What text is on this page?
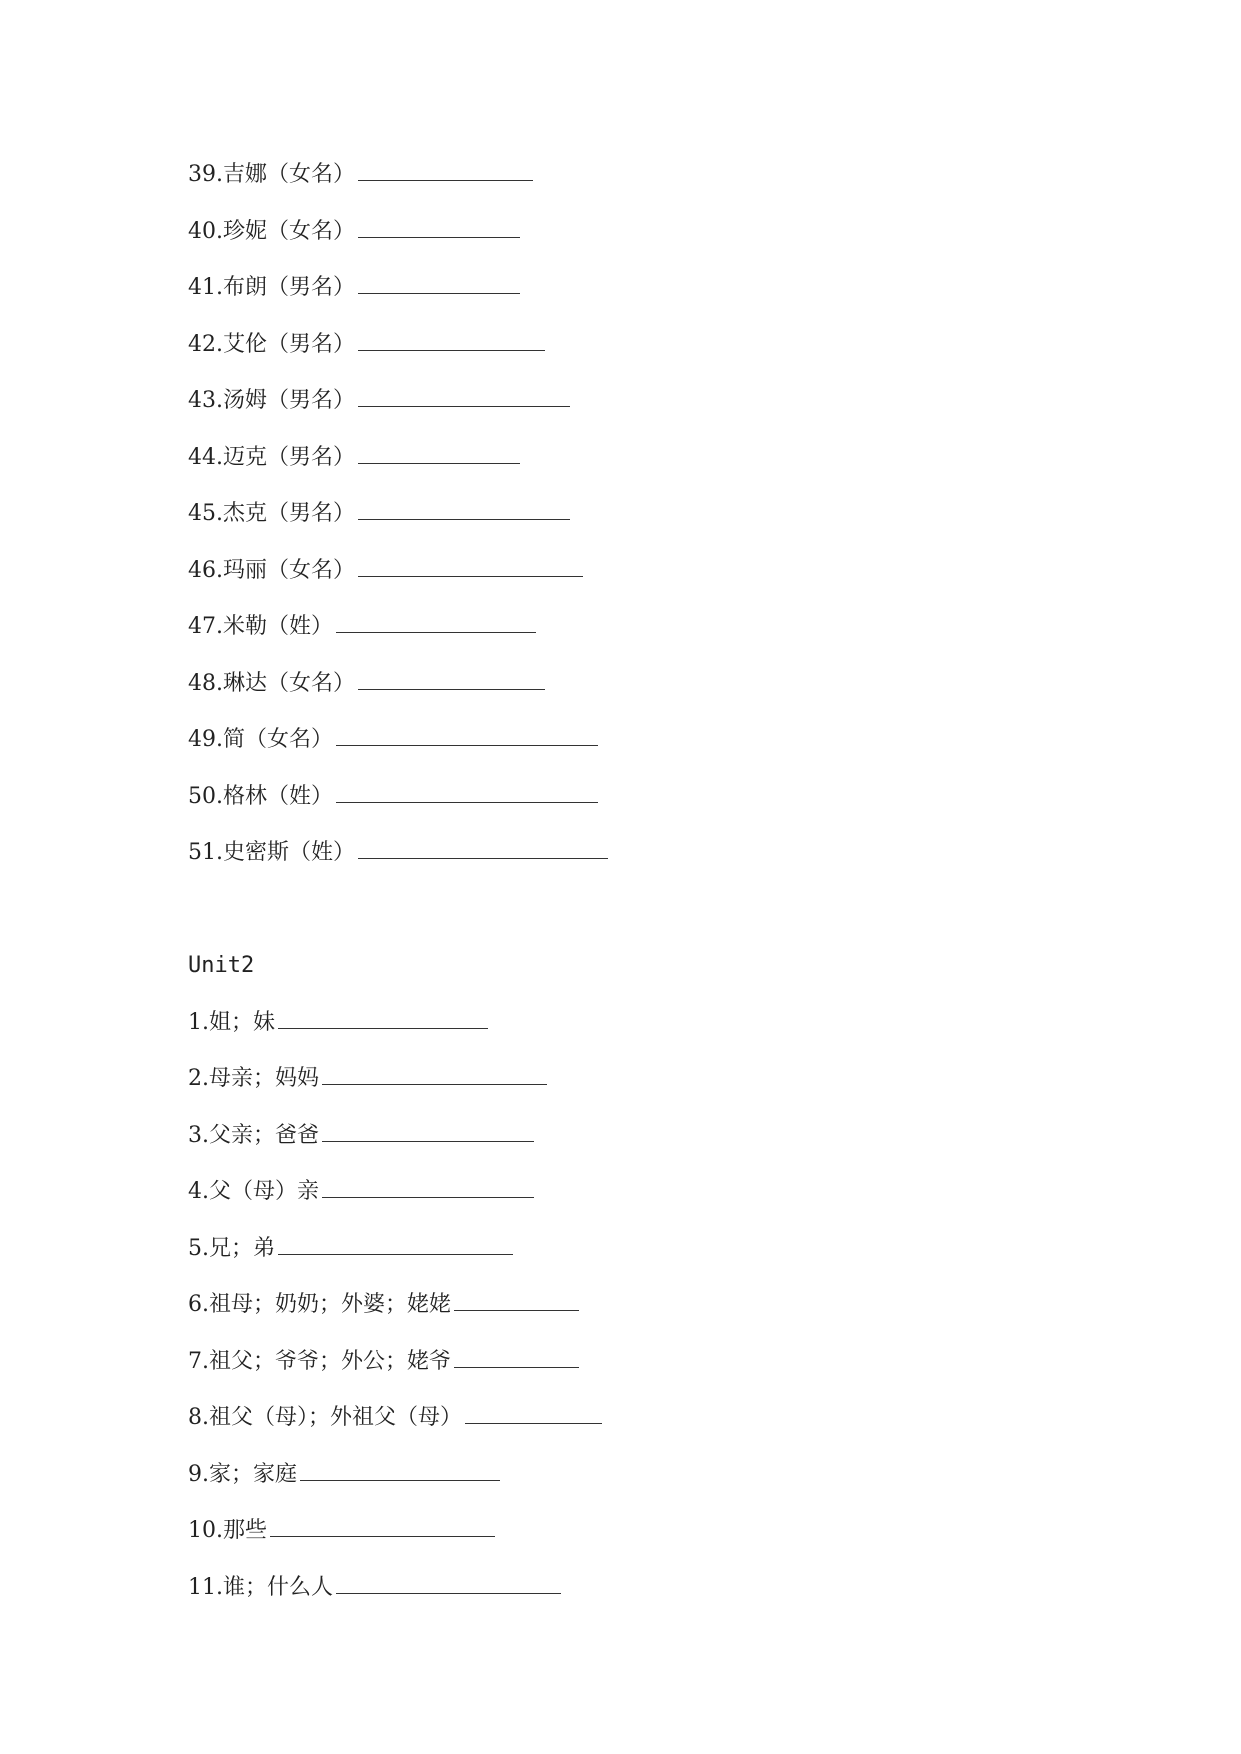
39.吉娜（女名）
40.珍妮（女名）
41.布朗（男名）
42.艾伦（男名）
43.汤姆（男名）
44.迈克（男名）
45.杰克（男名）
46.玛丽（女名）
47.米勒（姓）
48.琳达（女名）
49.简（女名）
50.格林（姓）
51.史密斯（姓）
Unit2
1.姐；妹
2.母亲；妈妈
3.父亲；爸爸
4.父（母）亲
5.兄；弟
6.祖母；奶奶；外婆；姥姥
7.祖父；爷爷；外公；姥爷
8.祖父（母）；外祖父（母）
9.家；家庭
10.那些
11.谁；什么人
